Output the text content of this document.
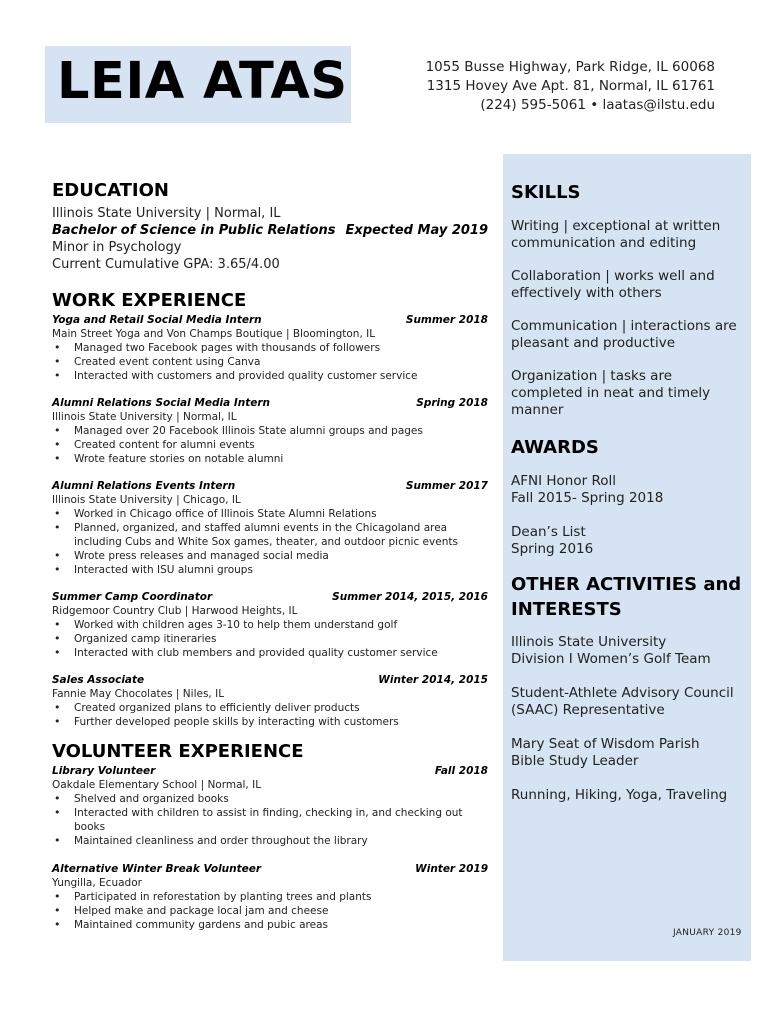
LEIA ATAS	1055 Busse Highway, Park Ridge, IL 60068
1315 Hovey Ave Apt. 81, Normal, IL 61761
(224) 595-5061 • laatas@ilstu.edu
EDUCATION
Illinois State University | Normal, IL
Bachelor of Science in Public Relations Expected May 2019
Minor in Psychology
Current Cumulative GPA: 3.65/4.00
WORK EXPERIENCE
Yoga and Retail Social Media Intern	Summer 2018
Main Street Yoga and Von Champs Boutique | Bloomington, IL
• Managed two Facebook pages with thousands of followers
• Created event content using Canva
• Interacted with customers and provided quality customer service
Alumni Relations Social Media Intern	Spring 2018
Illinois State University | Normal, IL
• Managed over 20 Facebook Illinois State alumni groups and pages
• Created content for alumni events
• Wrote feature stories on notable alumni
Alumni Relations Events Intern	Summer 2017
Illinois State University | Chicago, IL
• Worked in Chicago office of Illinois State Alumni Relations
• Planned, organized, and staffed alumni events in the Chicagoland area including Cubs and White Sox games, theater, and outdoor picnic events
• Wrote press releases and managed social media
• Interacted with ISU alumni groups
Summer Camp Coordinator	Summer 2014, 2015, 2016
Ridgemoor Country Club | Harwood Heights, IL
• Worked with children ages 3-10 to help them understand golf
• Organized camp itineraries
• Interacted with club members and provided quality customer service
Sales Associate	Winter 2014, 2015
Fannie May Chocolates | Niles, IL
• Created organized plans to efficiently deliver products
• Further developed people skills by interacting with customers
VOLUNTEER EXPERIENCE
Library Volunteer	Fall 2018
Oakdale Elementary School | Normal, IL
• Shelved and organized books
• Interacted with children to assist in finding, checking in, and checking out books
• Maintained cleanliness and order throughout the library
Alternative Winter Break Volunteer	Winter 2019
Yungilla, Ecuador
• Participated in reforestation by planting trees and plants
• Helped make and package local jam and cheese
• Maintained community gardens and pubic areas
SKILLS
Writing | exceptional at written communication and editing
Collaboration | works well and effectively with others
Communication | interactions are pleasant and productive
Organization | tasks are completed in neat and timely manner
AWARDS
AFNI Honor Roll
Fall 2015- Spring 2018
Dean’s List
Spring 2016
OTHER ACTIVITIES and INTERESTS
Illinois State University
Division I Women’s Golf Team
Student-Athlete Advisory Council
(SAAC) Representative
Mary Seat of Wisdom Parish
Bible Study Leader
Running, Hiking, Yoga, Traveling
JANUARY 2019
